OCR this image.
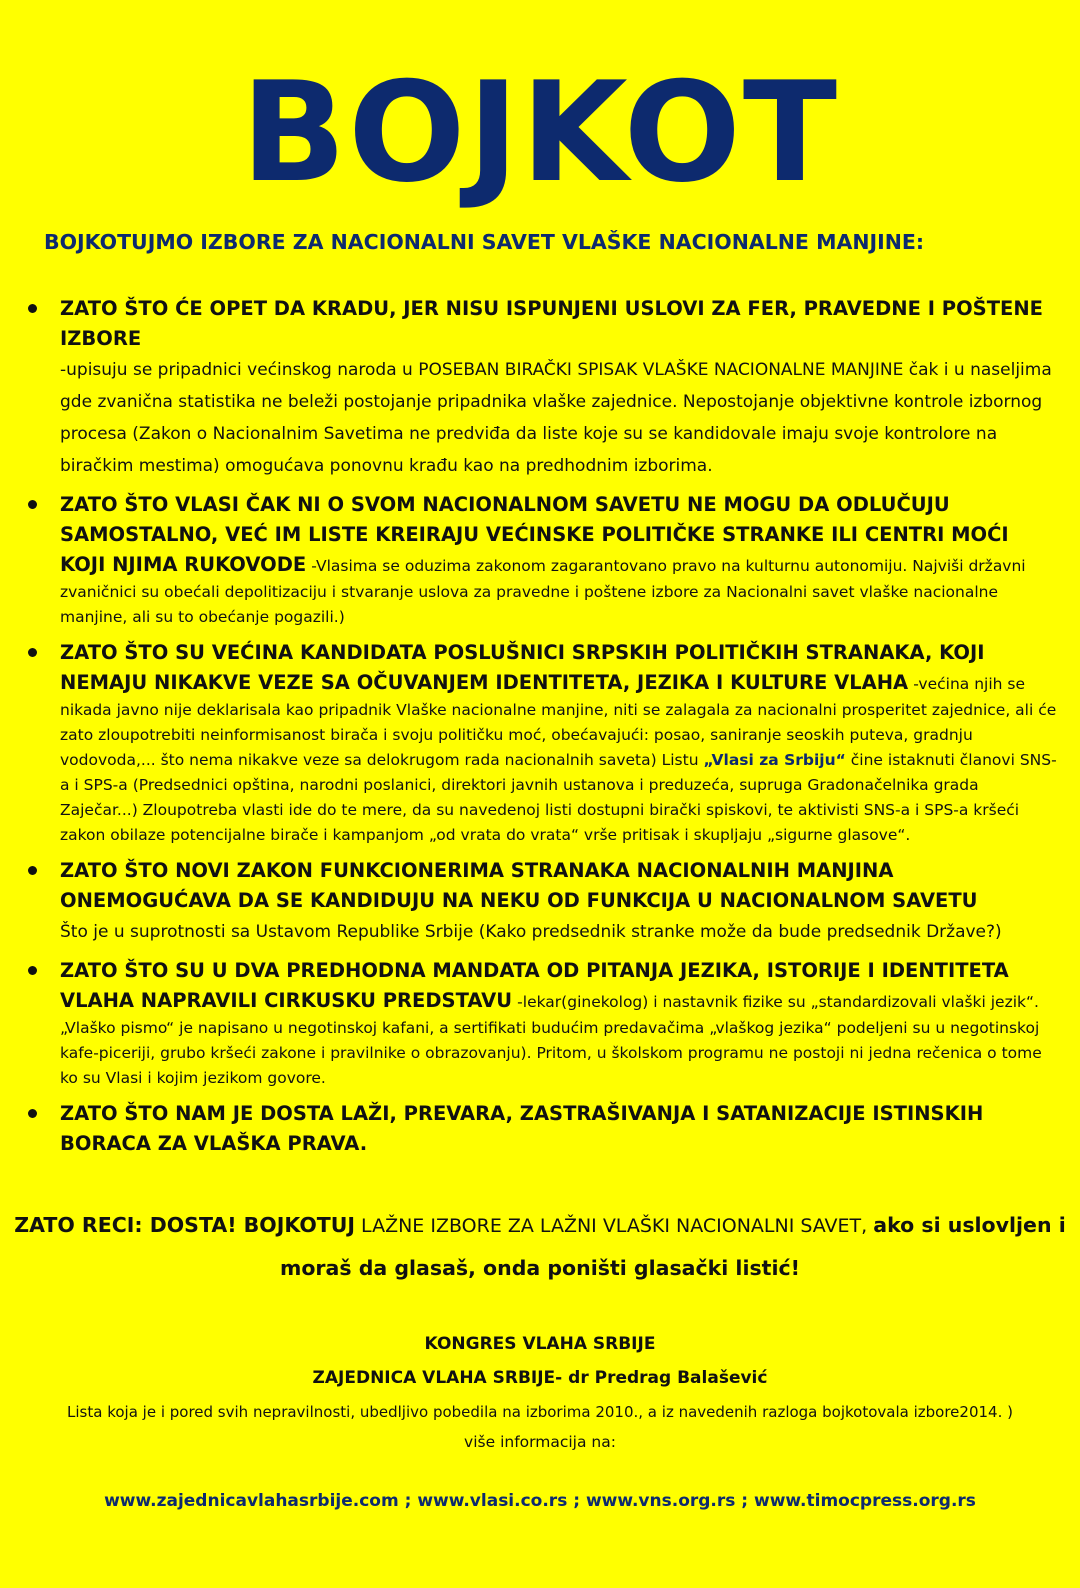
BOJKOT
BOJKOTUJMO IZBORE ZA NACIONALNI SAVET VLAŠKE NACIONALNE MANJINE:
ZATO ŠTO ĆE OPET DA KRADU, JER NISU ISPUNJENI USLOVI ZA FER, PRAVEDNE I POŠTENE IZBORE
-upisuju se pripadnici većinskog naroda u POSEBAN BIRAČKI SPISAK VLAŠKE NACIONALNE MANJINE čak i u naseljima gde zvanična statistika ne beleži postojanje pripadnika vlaške zajednice. Nepostojanje objektivne kontrole izbornog procesa (Zakon o Nacionalnim Savetima ne predviđa da liste koje su se kandidovale imaju svoje kontrolore na biračkim mestima) omogućava ponovnu krađu kao na predhodnim izborima.
ZATO ŠTO VLASI ČAK NI O SVOM NACIONALNOM SAVETU NE MOGU DA ODLUČUJU SAMOSTALNO, VEĆ IM LISTE KREIRAJU VEĆINSKE POLITIČKE STRANKE ILI CENTRI MOĆI KOJI NJIMA RUKOVODE -Vlasima se oduzima zakonom zagarantovano pravo na kulturnu autonomiju. Najviši državni zvaničnici su obećali depolitizaciju i stvaranje uslova za pravedne i poštene izbore za Nacionalni savet vlaške nacionalne manjine, ali su to obećanje pogazili.)
ZATO ŠTO SU VEĆINA KANDIDATA POSLUŠNICI SRPSKIH POLITIČKIH STRANAKA, KOJI NEMAJU NIKAKVE VEZE SA OČUVANJEM IDENTITETA, JEZIKA I KULTURE VLAHA -većina njih se nikada javno nije deklarisala kao pripadnik Vlaške nacionalne manjine, niti se zalagala za nacionalni prosperitet zajednice, ali će zato zloupotrebiti neinformisanost birača i svoju političku moć, obećavajući: posao, saniranje seoskih puteva, gradnju vodovoda,... što nema nikakve veze sa delokrugom rada nacionalnih saveta) Listu „Vlasi za Srbiju“ čine istaknuti članovi SNS-a i SPS-a (Predsednici opština, narodni poslanici, direktori javnih ustanova i preduzeća, supruga Gradonačelnika grada Zaječar...) Zloupotreba vlasti ide do te mere, da su navedenoj listi dostupni birački spiskovi, te aktivisti SNS-a i SPS-a kršeći zakon obilaze potencijalne birače i kampanjom „od vrata do vrata“ vrše pritisak i skupljaju „sigurne glasove“.
ZATO ŠTO NOVI ZAKON FUNKCIONERIMA STRANAKA NACIONALNIH MANJINA ONEMOGUĆAVA DA SE KANDIDUJU NA NEKU OD FUNKCIJA U NACIONALNOM SAVETU
Što je u suprotnosti sa Ustavom Republike Srbije (Kako predsednik stranke može da bude predsednik Države?)
ZATO ŠTO SU U DVA PREDHODNA MANDATA OD PITANJA JEZIKA, ISTORIJE I IDENTITETA VLAHA NAPRAVILI CIRKUSKU PREDSTAVU -lekar(ginekolog) i nastavnik fizike su „standardizovali vlaški jezik“. „Vlaško pismo“ je napisano u negotinskoj kafani, a sertifikati budućim predavačima „vlaškog jezika“ podeljeni su u negotinskoj kafe-piceriji, grubo kršeći zakone i pravilnike o obrazovanju). Pritom, u školskom programu ne postoji ni jedna rečenica o tome ko su Vlasi i kojim jezikom govore.
ZATO ŠTO NAM JE DOSTA LAŽI, PREVARA, ZASTRAŠIVANJA I SATANIZACIJE ISTINSKIH BORACA ZA VLAŠKA PRAVA.
ZATO RECI: DOSTA! BOJKOTUJ LAŽNE IZBORE ZA LAŽNI VLAŠKI NACIONALNI SAVET, ako si uslovljen i moraš da glasaš, onda poništi glasački listić!
KONGRES VLAHA SRBIJE
ZAJEDNICA VLAHA SRBIJE- dr Predrag Balašević
Lista koja je i pored svih nepravilnosti, ubedljivo pobedila na izborima 2010., a iz navedenih razloga bojkotovala izbore2014. )
više informacija na:
www.zajednicavlahasrbije.com ; www.vlasi.co.rs ; www.vns.org.rs ; www.timocpress.org.rs
